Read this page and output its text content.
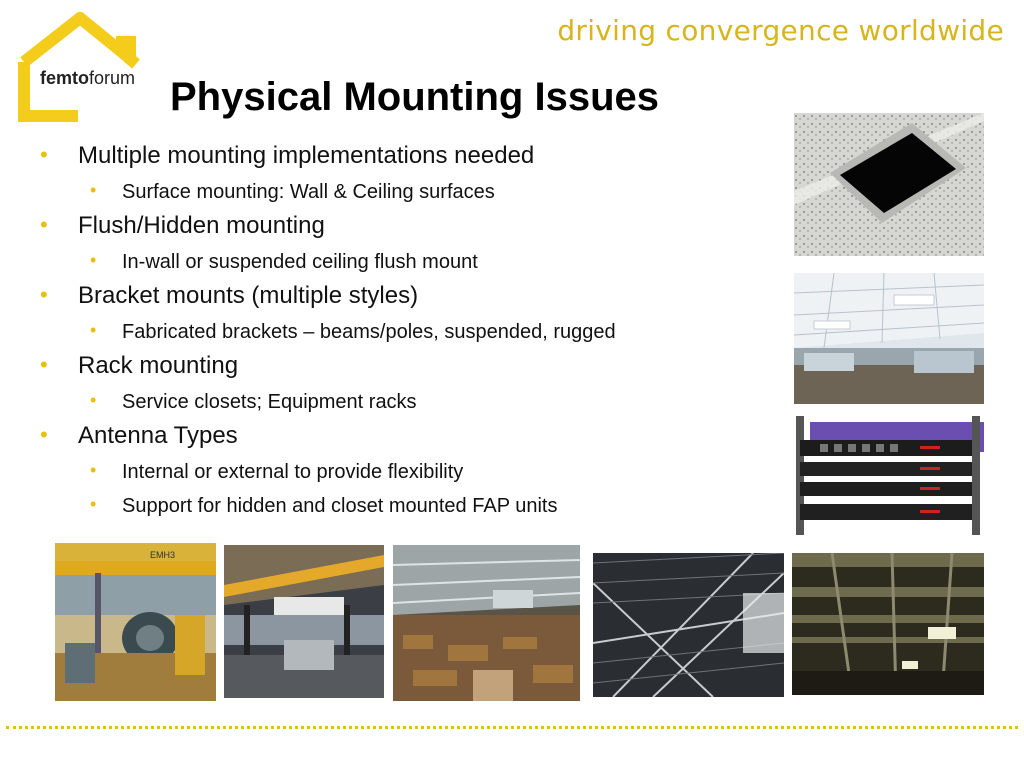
femtoforum
driving convergence worldwide
Physical Mounting Issues
• Multiple mounting implementations needed
• Surface mounting: Wall & Ceiling surfaces
• Flush/Hidden mounting
• In-wall or suspended ceiling flush mount
• Bracket mounts (multiple styles)
• Fabricated brackets – beams/poles, suspended, rugged
• Rack mounting
• Service closets; Equipment racks
• Antenna Types
• Internal or external to provide flexibility
• Support for hidden and closet mounted FAP units
EMH3
